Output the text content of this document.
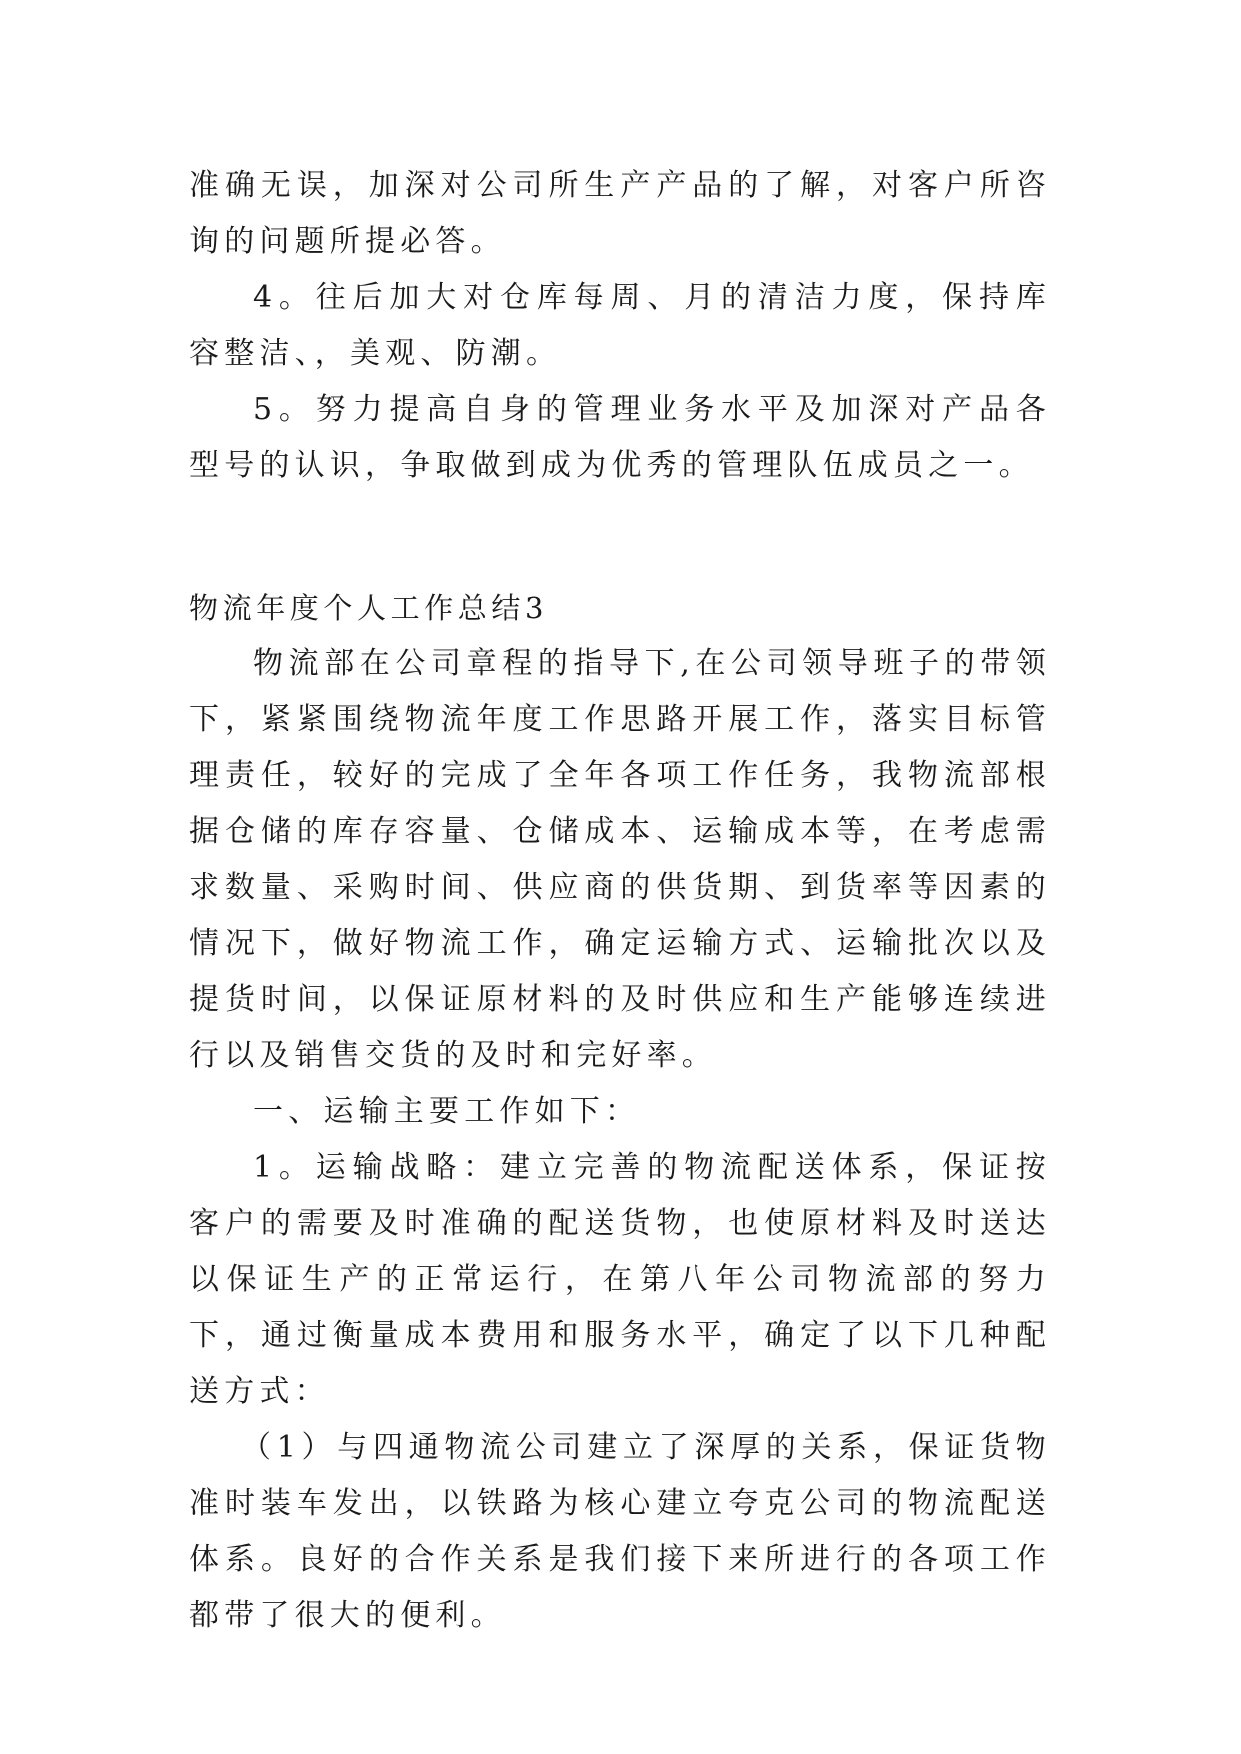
准确无误，加深对公司所生产产品的了解，对客户所咨询的问题所提必答。

4。往后加大对仓库每周、月的清洁力度，保持库容整洁、，美观、防潮。

5。努力提高自身的管理业务水平及加深对产品各型号的认识，争取做到成为优秀的管理队伍成员之一。

物流年度个人工作总结3

物流部在公司章程的指导下,在公司领导班子的带领下，紧紧围绕物流年度工作思路开展工作，落实目标管理责任，较好的完成了全年各项工作任务，我物流部根据仓储的库存容量、仓储成本、运输成本等，在考虑需求数量、采购时间、供应商的供货期、到货率等因素的情况下，做好物流工作，确定运输方式、运输批次以及提货时间，以保证原材料的及时供应和生产能够连续进行以及销售交货的及时和完好率。

一、运输主要工作如下：

1。运输战略：建立完善的物流配送体系，保证按客户的需要及时准确的配送货物，也使原材料及时送达以保证生产的正常运行，在第八年公司物流部的努力下，通过衡量成本费用和服务水平，确定了以下几种配送方式：

（1）与四通物流公司建立了深厚的关系，保证货物准时装车发出，以铁路为核心建立夸克公司的物流配送体系。良好的合作关系是我们接下来所进行的各项工作都带了很大的便利。
